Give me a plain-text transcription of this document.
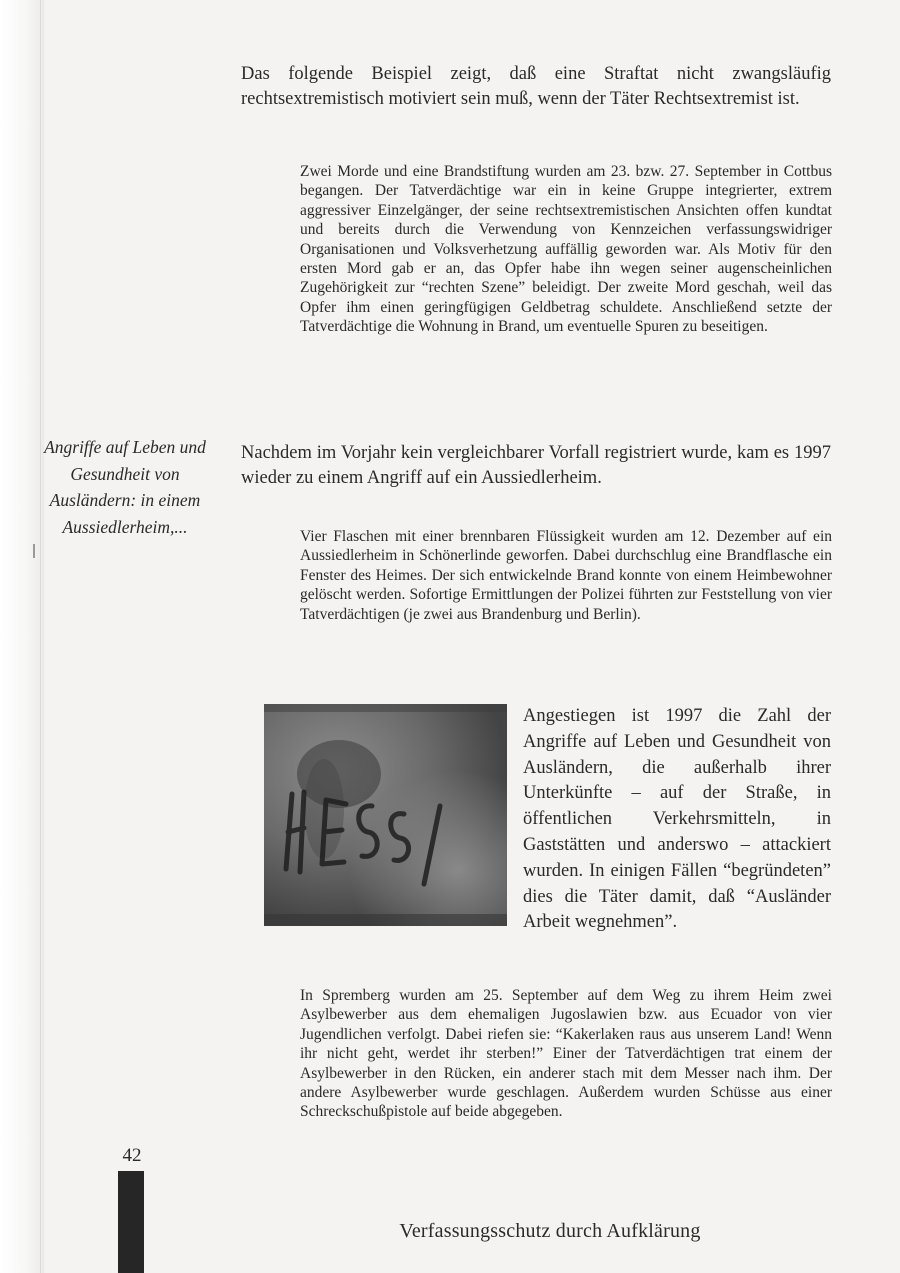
Das folgende Beispiel zeigt, daß eine Straftat nicht zwangsläufig rechtsextremistisch motiviert sein muß, wenn der Täter Rechtsextremist ist.

Zwei Morde und eine Brandstiftung wurden am 23. bzw. 27. September in Cottbus begangen. Der Tatverdächtige war ein in keine Gruppe integrierter, extrem aggressiver Einzelgänger, der seine rechtsextremistischen Ansichten offen kundtat und bereits durch die Verwendung von Kennzeichen verfassungswidriger Organisationen und Volksverhetzung auffällig geworden war. Als Motiv für den ersten Mord gab er an, das Opfer habe ihn wegen seiner augenscheinlichen Zugehörigkeit zur “rechten Szene” beleidigt. Der zweite Mord geschah, weil das Opfer ihm einen geringfügigen Geldbetrag schuldete. Anschließend setzte der Tatverdächtige die Wohnung in Brand, um eventuelle Spuren zu beseitigen.

Angriffe auf Leben und Gesundheit von Ausländern: in einem Aussiedlerheim,...

Nachdem im Vorjahr kein vergleichbarer Vorfall registriert wurde, kam es 1997 wieder zu einem Angriff auf ein Aussiedlerheim.

Vier Flaschen mit einer brennbaren Flüssigkeit wurden am 12. Dezember auf ein Aussiedlerheim in Schönerlinde geworfen. Dabei durchschlug eine Brandflasche ein Fenster des Heimes. Der sich entwickelnde Brand konnte von einem Heimbewohner gelöscht werden. Sofortige Ermittlungen der Polizei führten zur Feststellung von vier Tatverdächtigen (je zwei aus Brandenburg und Berlin).

HESS

Angestiegen ist 1997 die Zahl der Angriffe auf Leben und Gesundheit von Ausländern, die außerhalb ihrer Unterkünfte – auf der Straße, in öffentlichen Verkehrsmitteln, in Gaststätten und anderswo – attackiert wurden. In einigen Fällen “begründeten” dies die Täter damit, daß “Ausländer Arbeit wegnehmen”.

In Spremberg wurden am 25. September auf dem Weg zu ihrem Heim zwei Asylbewerber aus dem ehemaligen Jugoslawien bzw. aus Ecuador von vier Jugendlichen verfolgt. Dabei riefen sie: “Kakerlaken raus aus unserem Land! Wenn ihr nicht geht, werdet ihr sterben!” Einer der Tatverdächtigen trat einem der Asylbewerber in den Rücken, ein anderer stach mit dem Messer nach ihm. Der andere Asylbewerber wurde geschlagen. Außerdem wurden Schüsse aus einer Schreckschußpistole auf beide abgegeben.

42

Verfassungsschutz durch Aufklärung
